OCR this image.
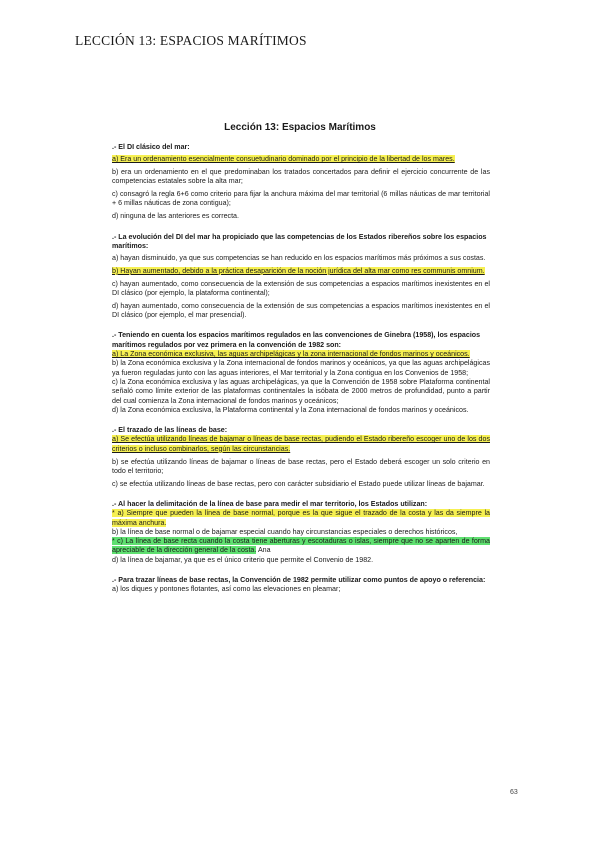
LECCIÓN 13: ESPACIOS MARÍTIMOS
Lección 13: Espacios Marítimos
.- El DI clásico del mar:
a) Era un ordenamiento esencialmente consuetudinario dominado por el principio de la libertad de los mares.
b) era un ordenamiento en el que predominaban los tratados concertados para definir el ejercicio concurrente de las competencias estatales sobre la alta mar;
c) consagró la regla 6+6 como criterio para fijar la anchura máxima del mar territorial (6 millas náuticas de mar territorial + 6 millas náuticas de zona contigua);
d) ninguna de las anteriores es correcta.
.- La evolución del DI del mar ha propiciado que las competencias de los Estados ribereños sobre los espacios marítimos:
a) hayan disminuido, ya que sus competencias se han reducido en los espacios marítimos más próximos a sus costas.
b) Hayan aumentado, debido a la práctica desaparición de la noción jurídica del alta mar como res communis omnium.
c) hayan aumentado, como consecuencia de la extensión de sus competencias a espacios marítimos inexistentes en el DI clásico (por ejemplo, la plataforma continental);
d) hayan aumentado, como consecuencia de la extensión de sus competencias a espacios marítimos inexistentes en el DI clásico (por ejemplo, el mar presencial).
.- Teniendo en cuenta los espacios marítimos regulados en las convenciones de Ginebra (1958), los espacios marítimos regulados por vez primera en la convención de 1982 son:
a) La Zona económica exclusiva, las aguas archipelágicas y la zona internacional de fondos marinos y oceánicos.
b) la Zona económica exclusiva y la Zona internacional de fondos marinos y oceánicos, ya que las aguas archipelágicas ya fueron reguladas junto con las aguas interiores, el Mar territorial y la Zona contigua en los Convenios de 1958;
c) la Zona económica exclusiva y las aguas archipelágicas, ya que la Convención de 1958 sobre Plataforma continental señaló como límite exterior de las plataformas continentales la isóbata de 2000 metros de profundidad, punto a partir del cual comienza la Zona internacional de fondos marinos y oceánicos;
d) la Zona económica exclusiva, la Plataforma continental y la Zona internacional de fondos marinos y oceánicos.
.- El trazado de las líneas de base:
a) Se efectúa utilizando líneas de bajamar o líneas de base rectas, pudiendo el Estado ribereño escoger uno de los dos criterios o incluso combinarlos, según las circunstancias.
b) se efectúa utilizando líneas de bajamar o líneas de base rectas, pero el Estado deberá escoger un solo criterio en todo el territorio;
c) se efectúa utilizando líneas de base rectas, pero con carácter subsidiario el Estado puede utilizar líneas de bajamar.
.- Al hacer la delimitación de la línea de base para medir el mar territorio, los Estados utilizan:
* a) Siempre que pueden la línea de base normal, porque es la que sigue el trazado de la costa y las da siempre la máxima anchura.
b) la línea de base normal o de bajamar especial cuando hay circunstancias especiales o derechos históricos,
* c) La línea de base recta cuando la costa tiene aberturas y escotaduras o islas, siempre que no se aparten de forma apreciable de la dirección general de la costa. Ana
d) la línea de bajamar, ya que es el único criterio que permite el Convenio de 1982.
.- Para trazar líneas de base rectas, la Convención de 1982 permite utilizar como puntos de apoyo o referencia:
a) los diques y pontones flotantes, así como las elevaciones en pleamar;
63
